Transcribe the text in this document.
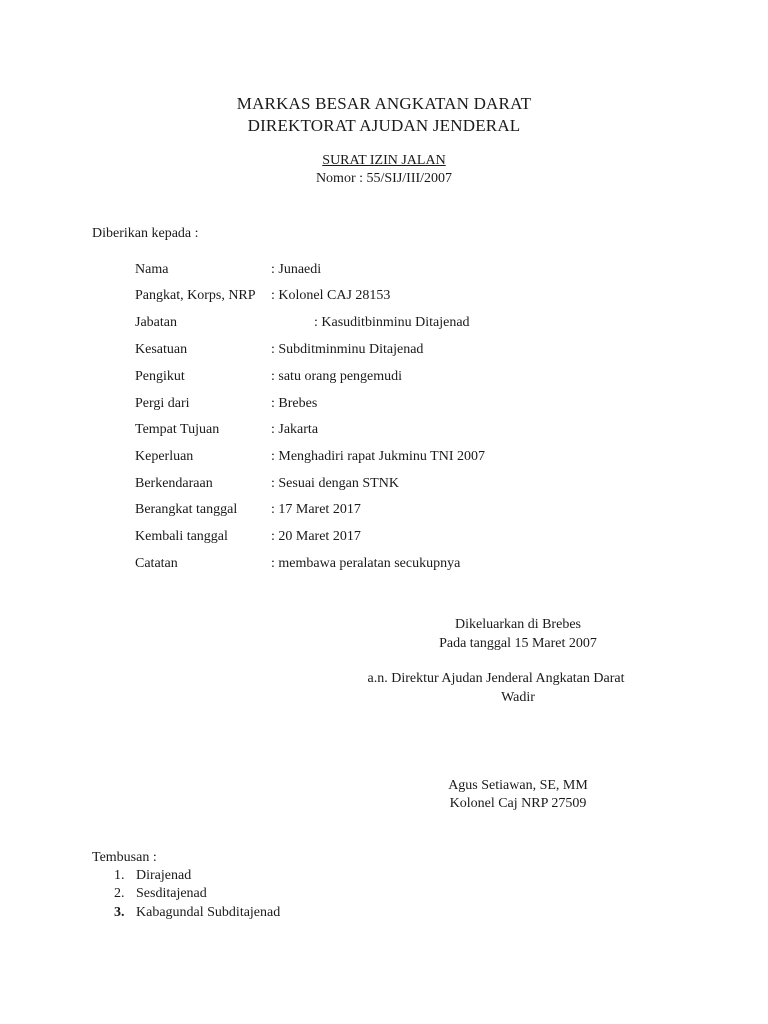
MARKAS BESAR ANGKATAN DARAT
DIREKTORAT AJUDAN JENDERAL
SURAT IZIN JALAN
Nomor : 55/SIJ/III/2007
Diberikan kepada :
Nama	: Junaedi
Pangkat, Korps, NRP : Kolonel CAJ 28153
Jabatan	: Kasuditbinminu Ditajenad
Kesatuan	: Subditminminu Ditajenad
Pengikut	: satu orang pengemudi
Pergi dari	: Brebes
Tempat Tujuan	: Jakarta
Keperluan	: Menghadiri rapat Jukminu TNI 2007
Berkendaraan	: Sesuai dengan STNK
Berangkat tanggal : 17 Maret 2017
Kembali tanggal	: 20 Maret 2017
Catatan	: membawa peralatan secukupnya
Dikeluarkan di Brebes
Pada tanggal 15 Maret 2007
a.n. Direktur Ajudan Jenderal Angkatan Darat
Wadir
Agus Setiawan, SE, MM
Kolonel Caj NRP 27509
Tembusan :
1. Dirajenad
2. Sesditajenad
3. Kabagundal Subditajenad
